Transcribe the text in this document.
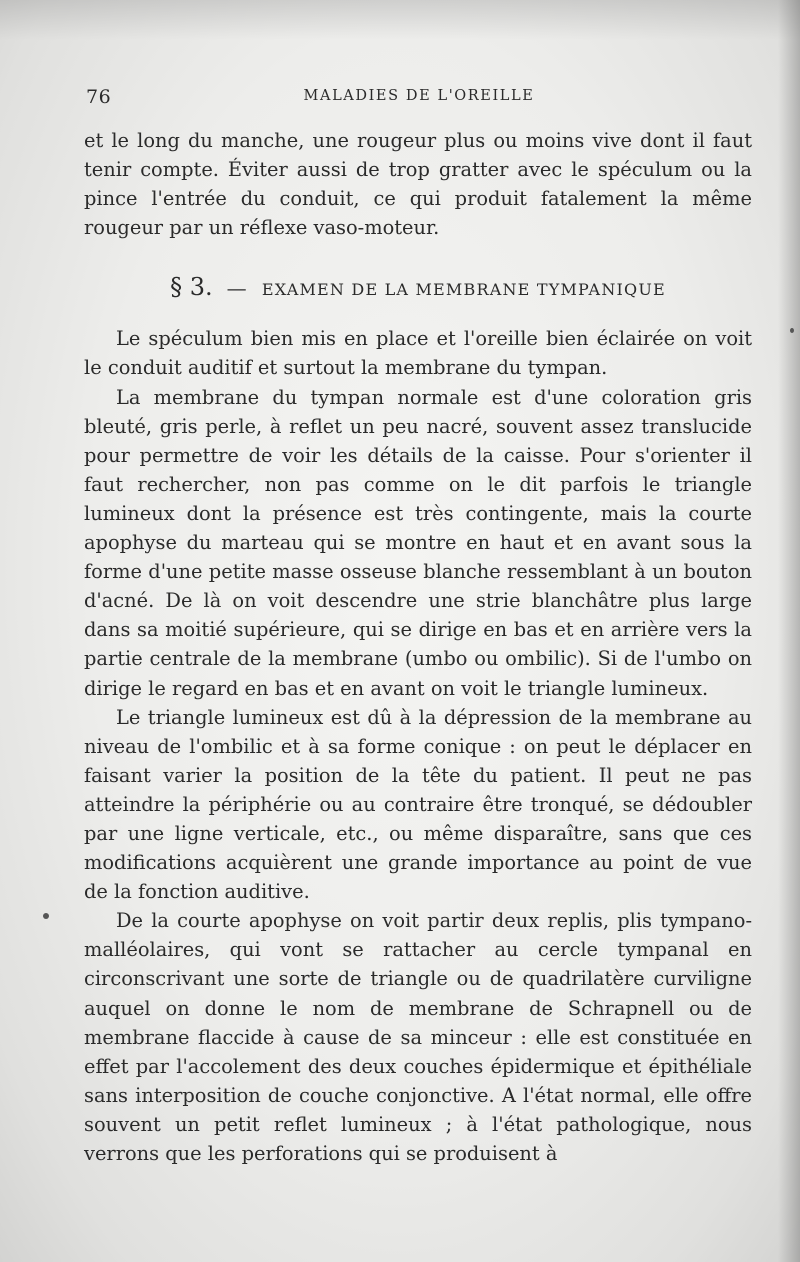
76	MALADIES DE L'OREILLE

et le long du manche, une rougeur plus ou moins vive dont il faut tenir compte. Éviter aussi de trop gratter avec le spéculum ou la pince l'entrée du conduit, ce qui produit fatalement la même rougeur par un réflexe vaso-moteur.

§ 3. — EXAMEN DE LA MEMBRANE TYMPANIQUE

Le spéculum bien mis en place et l'oreille bien éclairée on voit le conduit auditif et surtout la membrane du tympan.

La membrane du tympan normale est d'une coloration gris bleuté, gris perle, à reflet un peu nacré, souvent assez translucide pour permettre de voir les détails de la caisse. Pour s'orienter il faut rechercher, non pas comme on le dit parfois le triangle lumineux dont la présence est très contingente, mais la courte apophyse du marteau qui se montre en haut et en avant sous la forme d'une petite masse osseuse blanche ressemblant à un bouton d'acné. De là on voit descendre une strie blanchâtre plus large dans sa moitié supérieure, qui se dirige en bas et en arrière vers la partie centrale de la membrane (umbo ou ombilic). Si de l'umbo on dirige le regard en bas et en avant on voit le triangle lumineux.

Le triangle lumineux est dû à la dépression de la membrane au niveau de l'ombilic et à sa forme conique : on peut le déplacer en faisant varier la position de la tête du patient. Il peut ne pas atteindre la périphérie ou au contraire être tronqué, se dédoubler par une ligne verticale, etc., ou même disparaître, sans que ces modifications acquièrent une grande importance au point de vue de la fonction auditive.

De la courte apophyse on voit partir deux replis, plis tympano-malléolaires, qui vont se rattacher au cercle tympanal en circonscrivant une sorte de triangle ou de quadrilatère curviligne auquel on donne le nom de membrane de Schrapnell ou de membrane flaccide à cause de sa minceur : elle est constituée en effet par l'accolement des deux couches épidermique et épithéliale sans interposition de couche conjonctive. A l'état normal, elle offre souvent un petit reflet lumineux ; à l'état pathologique, nous verrons que les perforations qui se produisent à
